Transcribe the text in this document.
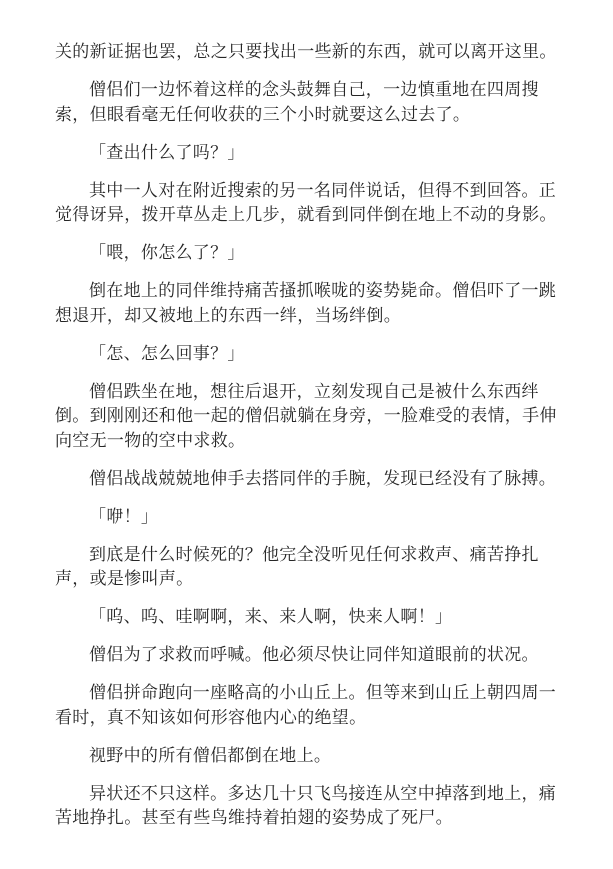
关的新证据也罢，总之只要找出一些新的东西，就可以离开这里。

僧侣们一边怀着这样的念头鼓舞自己，一边慎重地在四周搜索，但眼看毫无任何收获的三个小时就要这么过去了。

「查出什么了吗？」

其中一人对在附近搜索的另一名同伴说话，但得不到回答。正觉得讶异，拨开草丛走上几步，就看到同伴倒在地上不动的身影。

「喂，你怎么了？」

倒在地上的同伴维持痛苦搔抓喉咙的姿势毙命。僧侣吓了一跳想退开，却又被地上的东西一绊，当场绊倒。

「怎、怎么回事？」

僧侣跌坐在地，想往后退开，立刻发现自己是被什么东西绊倒。到刚刚还和他一起的僧侣就躺在身旁，一脸难受的表情，手伸向空无一物的空中求救。

僧侣战战兢兢地伸手去搭同伴的手腕，发现已经没有了脉搏。

「咿！」

到底是什么时候死的？他完全没听见任何求救声、痛苦挣扎声，或是惨叫声。

「呜、呜、哇啊啊，来、来人啊，快来人啊！」

僧侣为了求救而呼喊。他必须尽快让同伴知道眼前的状况。

僧侣拼命跑向一座略高的小山丘上。但等来到山丘上朝四周一看时，真不知该如何形容他内心的绝望。

视野中的所有僧侣都倒在地上。

异状还不只这样。多达几十只飞鸟接连从空中掉落到地上，痛苦地挣扎。甚至有些鸟维持着拍翅的姿势成了死尸。
